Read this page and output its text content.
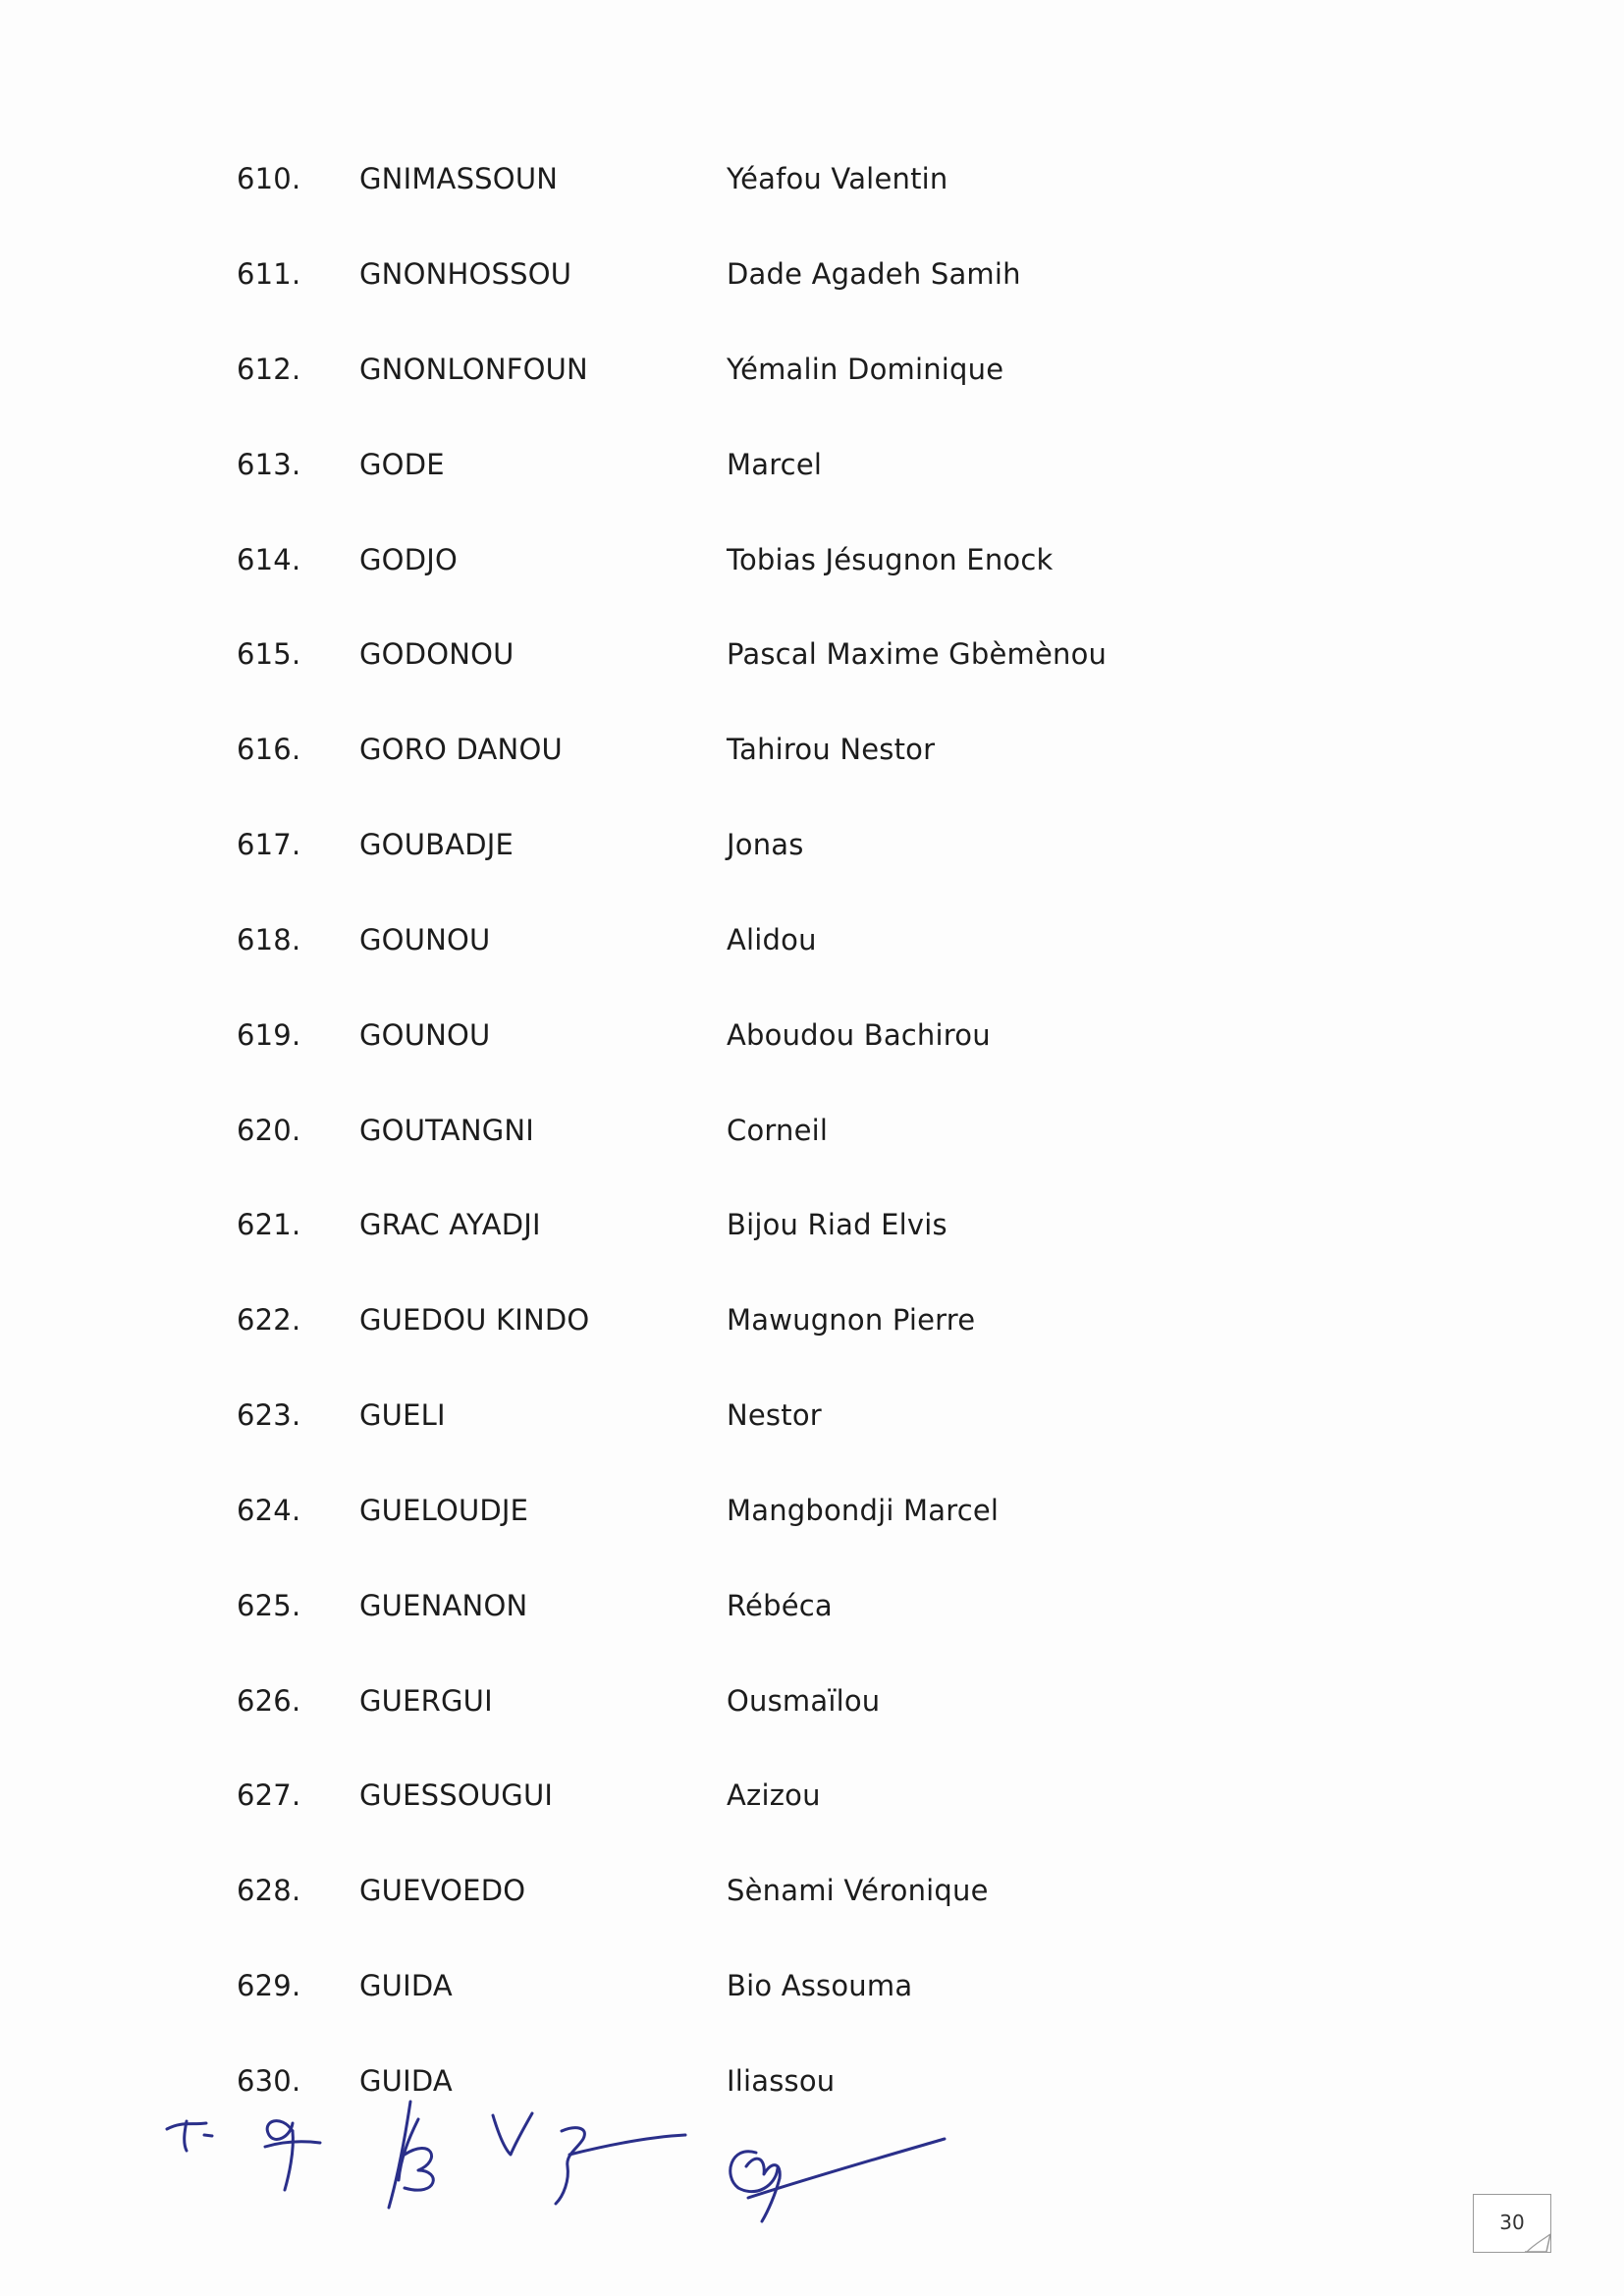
610. GNIMASSOUN	Yéafou Valentin
611. GNONHOSSOU	Dade Agadeh Samih
612. GNONLONFOUN	Yémalin Dominique
613. GODE	Marcel
614. GODJO	Tobias Jésugnon Enock
615. GODONOU	Pascal Maxime Gbèmènou
616. GORO DANOU	Tahirou Nestor
617. GOUBADJE	Jonas
618. GOUNOU	Alidou
619. GOUNOU	Aboudou Bachirou
620. GOUTANGNI	Corneil
621. GRAC AYADJI	Bijou Riad Elvis
622. GUEDOU KINDO	Mawugnon Pierre
623. GUELI	Nestor
624. GUELOUDJE	Mangbondji Marcel
625. GUENANON	Rébéca
626. GUERGUI	Ousmaïlou
627. GUESSOUGUI	Azizou
628. GUEVOEDO	Sènami Véronique
629. GUIDA	Bio Assouma
630. GUIDA	Iliassou
30
